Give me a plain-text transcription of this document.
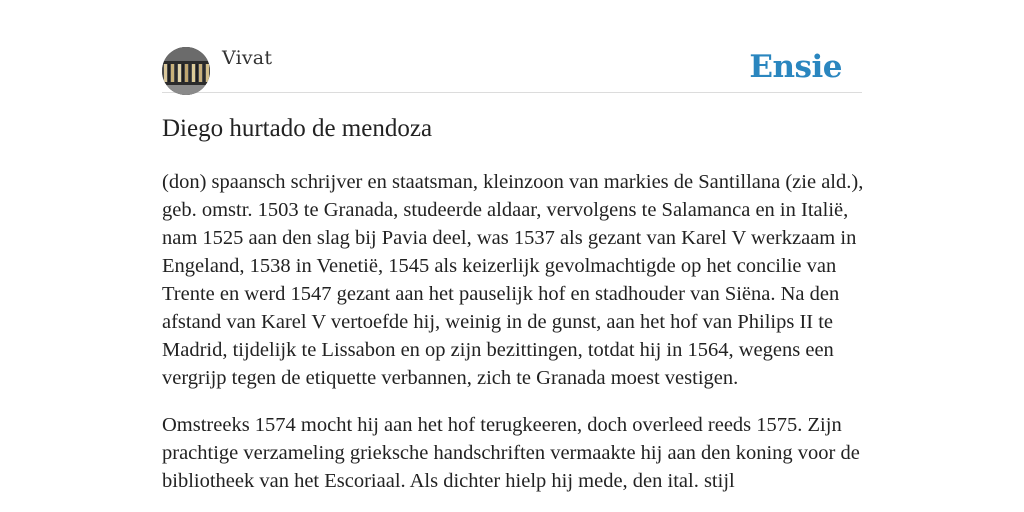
Vivat	Ensie
Diego hurtado de mendoza

(don) spaansch schrijver en staatsman, kleinzoon van markies de Santillana (zie ald.), geb. omstr. 1503 te Granada, studeerde aldaar, vervolgens te Salamanca en in Italië, nam 1525 aan den slag bij Pavia deel, was 1537 als gezant van Karel V werkzaam in Engeland, 1538 in Venetië, 1545 als keizerlijk gevolmachtigde op het concilie van Trente en werd 1547 gezant aan het pauselijk hof en stadhouder van Siëna. Na den afstand van Karel V vertoefde hij, weinig in de gunst, aan het hof van Philips II te Madrid, tijdelijk te Lissabon en op zijn bezittingen, totdat hij in 1564, wegens een vergrijp tegen de etiquette verbannen, zich te Granada moest vestigen.

Omstreeks 1574 mocht hij aan het hof terugkeeren, doch overleed reeds 1575. Zijn prachtige verzameling grieksche handschriften vermaakte hij aan den koning voor de bibliotheek van het Escoriaal. Als dichter hielp hij mede, den ital. stijl
